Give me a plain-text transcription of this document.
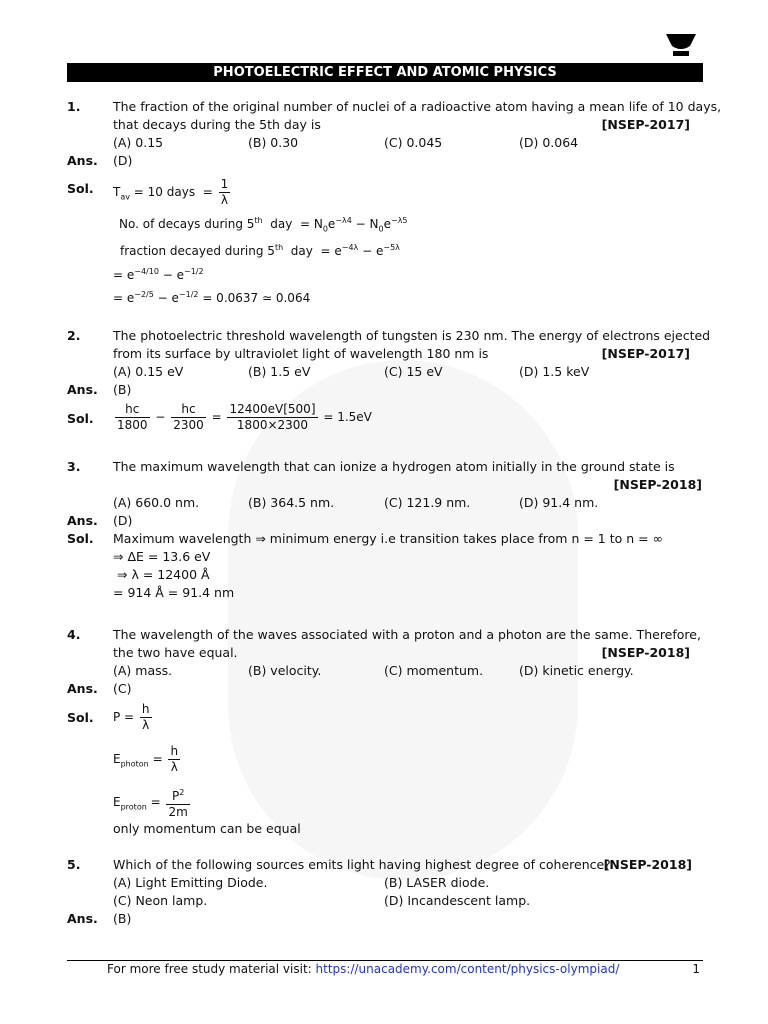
PHOTOELECTRIC EFFECT AND ATOMIC PHYSICS
1.	The fraction of the original number of nuclei of a radioactive atom having a mean life of 10 days,
that decays during the 5th day is	[NSEP-2017]
(A) 0.15	(B) 0.30	(C) 0.045	(D) 0.064
Ans. (D)
Sol. $T_{av} = 10$ days  = $\frac{1}{\lambda}$
No. of decays during 5th  day  = $N_0e^{-\lambda 4} - N_0e^{-\lambda 5}$
fraction decayed during 5th  day  = $e^{-4\lambda} - e^{-5\lambda}$
= $e^{-4/10} - e^{-1/2}$
= $e^{-2/5} - e^{-1/2} = 0.0637$ ≃ 0.064
2.	The photoelectric threshold wavelength of tungsten is 230 nm. The energy of electrons ejected
from its surface by ultraviolet light of wavelength 180 nm is	[NSEP-2017]
(A) 0.15 eV	(B) 1.5 eV	(C) 15 eV	(D) 1.5 keV
Ans. (B)
Sol. $\frac{hc}{1800} - \frac{hc}{2300} = \frac{12400eV[500]}{1800\times 2300} = 1.5eV$
3.	The maximum wavelength that can ionize a hydrogen atom initially in the ground state is
[NSEP-2018]
(A) 660.0 nm.	(B) 364.5 nm.	(C) 121.9 nm.	(D) 91.4 nm.
Ans. (D)
Sol. Maximum wavelength ⇒ minimum energy i.e transition takes place from n = 1 to n = ∞
⇒ ΔE = 13.6 eV
⇒ λ = 12400 Å
= 914 Å = 91.4 nm
4.	The wavelength of the waves associated with a proton and a photon are the same. Therefore,
the two have equal.	[NSEP-2018]
(A) mass.	(B) velocity.	(C) momentum.	(D) kinetic energy.
Ans. (C)
Sol. $P = \frac{h}{\lambda}$
$E_{photon} = \frac{h}{\lambda}$
$E_{proton} = \frac{P^2}{2m}$
only momentum can be equal
5.	Which of the following sources emits light having highest degree of coherence?
[NSEP-2018]
(A) Light Emitting Diode.	(B) LASER diode.
(C) Neon lamp.	(D) Incandescent lamp.
Ans. (B)
For more free study material visit: https://unacademy.com/content/physics-olympiad/	1
